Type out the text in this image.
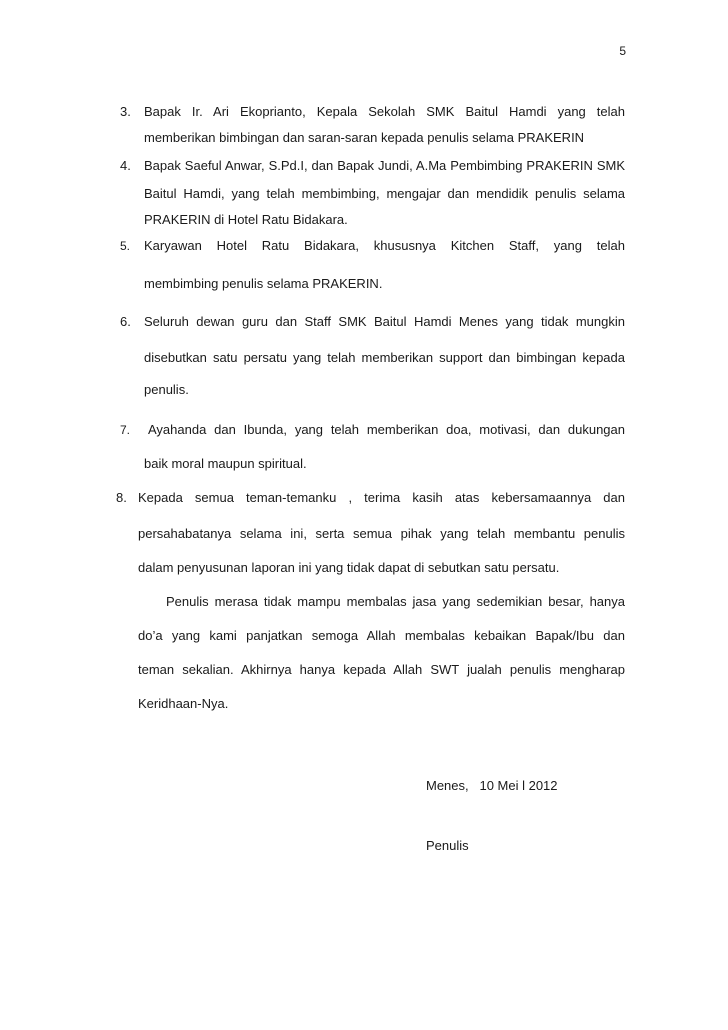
5
3. Bapak Ir. Ari Ekoprianto, Kepala Sekolah SMK Baitul Hamdi yang telah
memberikan bimbingan dan saran-saran kepada penulis selama PRAKERIN
4. Bapak Saeful Anwar, S.Pd.I, dan Bapak Jundi, A.Ma Pembimbing PRAKERIN SMK
Baitul Hamdi, yang telah membimbing, mengajar dan mendidik penulis selama
PRAKERIN di Hotel Ratu Bidakara.
5. Karyawan Hotel Ratu Bidakara, khususnya Kitchen Staff, yang telah
membimbing penulis selama PRAKERIN.
6. Seluruh dewan guru dan Staff SMK Baitul Hamdi Menes yang tidak mungkin
disebutkan satu persatu yang telah memberikan support dan bimbingan kepada
penulis.
7. Ayahanda dan Ibunda, yang telah memberikan doa, motivasi, dan dukungan
baik moral maupun spiritual.
8. Kepada semua teman-temanku , terima kasih atas kebersamaannya dan
persahabatanya selama ini, serta semua pihak yang telah membantu penulis
dalam penyusunan laporan ini yang tidak dapat di sebutkan satu persatu.
Penulis merasa tidak mampu membalas jasa yang sedemikian besar, hanya
do’a yang kami panjatkan semoga Allah membalas kebaikan Bapak/Ibu dan
teman sekalian. Akhirnya hanya kepada Allah SWT jualah penulis mengharap
Keridhaan-Nya.
Menes,   10 Mei l 2012
Penulis
